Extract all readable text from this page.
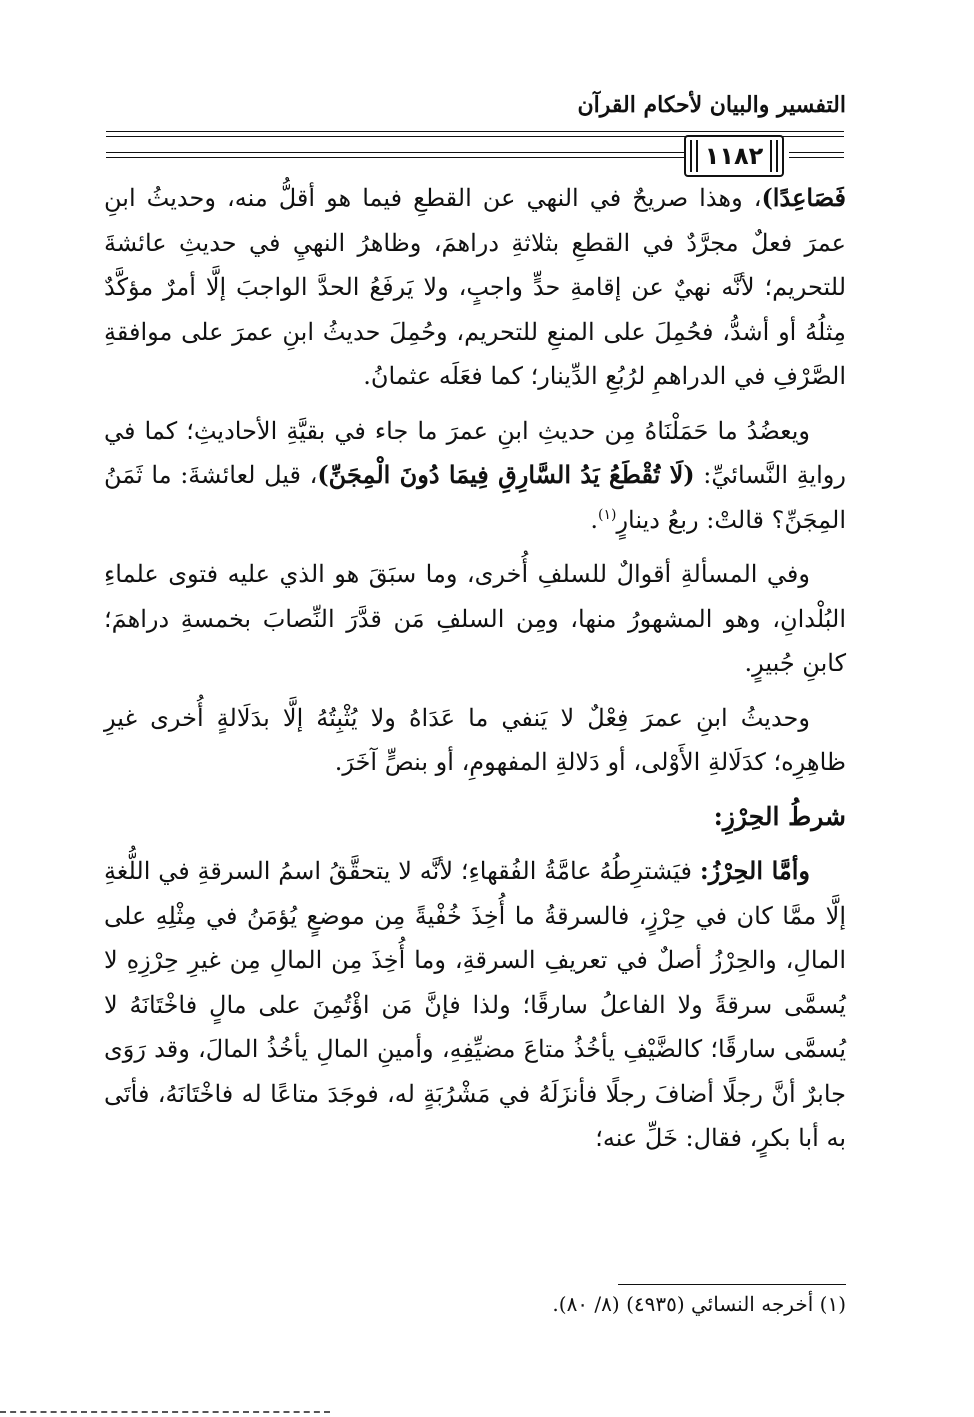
التفسير والبيان لأحكام القرآن
١١٨٢

فَصَاعِدًا)، وهذا صريحٌ في النهي عن القطعِ فيما هو أقلُّ منه، وحديثُ ابنِ عمرَ فعلٌ مجرَّدٌ في القطعِ بثلاثةِ دراهمَ، وظاهرُ النهيِ في حديثِ عائشةَ للتحريم؛ لأنَّه نهيٌ عن إقامةِ حدٍّ واجبٍ، ولا يَرفَعُ الحدَّ الواجبَ إلَّا أمرٌ مؤكَّدٌ مِثلُهُ أو أشدُّ، فحُمِلَ على المنعِ للتحريم، وحُمِلَ حديثُ ابنِ عمرَ على موافقةِ الصَّرْفِ في الدراهمِ لرُبُعِ الدِّينار؛ كما فعَلَه عثمانُ.

ويعضُدُ ما حَمَلْنَاهُ مِن حديثِ ابنِ عمرَ ما جاء في بقيَّةِ الأحاديثِ؛ كما في روايةِ النَّسائيِّ: (لَا تُقْطَعُ يَدُ السَّارِقِ فِيمَا دُونَ الْمِجَنِّ)، قيل لعائشةَ: ما ثَمَنُ المِجَنِّ؟ قالتْ: ربعُ دينارٍ$^{(١)}$.

وفي المسألةِ أقوالٌ للسلفِ أُخرى، وما سبَقَ هو الذي عليه فتوى علماءِ البُلْدانِ، وهو المشهورُ منها، ومِن السلفِ مَن قدَّرَ النِّصابَ بخمسةِ دراهمَ؛ كابنِ جُبيرٍ.

وحديثُ ابنِ عمرَ فِعْلٌ لا يَنفي ما عَدَاهُ ولا يُثْبِتُهُ إلَّا بدَلَالةٍ أُخرى غيرِ ظاهِرِه؛ كدَلَالةِ الأَوْلى، أو دَلالةِ المفهومِ، أو بنصٍّ آخَرَ.

شرطُ الحِرْزِ:

وأمَّا الحِرْزُ: فيَشترِطُهُ عامَّةُ الفُقهاءِ؛ لأنَّه لا يتحقَّقُ اسمُ السرقةِ في اللُّغةِ إلَّا ممَّا كان في حِرْزٍ، فالسرقةُ ما أُخِذَ خُفْيةً مِن موضعٍ يُؤمَنُ في مِثْلِهِ على المالِ، والحِرْزُ أصلٌ في تعريفِ السرقةِ، وما أُخِذَ مِن المالِ مِن غيرِ حِرْزِهِ لا يُسمَّى سرقةً ولا الفاعلُ سارقًا؛ ولذا فإنَّ مَن اؤْتُمِنَ على مالٍ فاخْتَانَهُ لا يُسمَّى سارقًا؛ كالضَّيْفِ يأخُذُ متاعَ مضيِّفِهِ، وأمينِ المالِ يأخُذُ المالَ، وقد رَوَى جابرٌ أنَّ رجلًا أضافَ رجلًا فأنزَلَهُ في مَشْرُبَةٍ له، فوجَدَ متاعًا له فاخْتَانَهُ، فأتَى به أبا بكرٍ، فقال: خَلِّ عنه؛

(١) أخرجه النسائي (٤٩٣٥) (٨/ ٨٠).
